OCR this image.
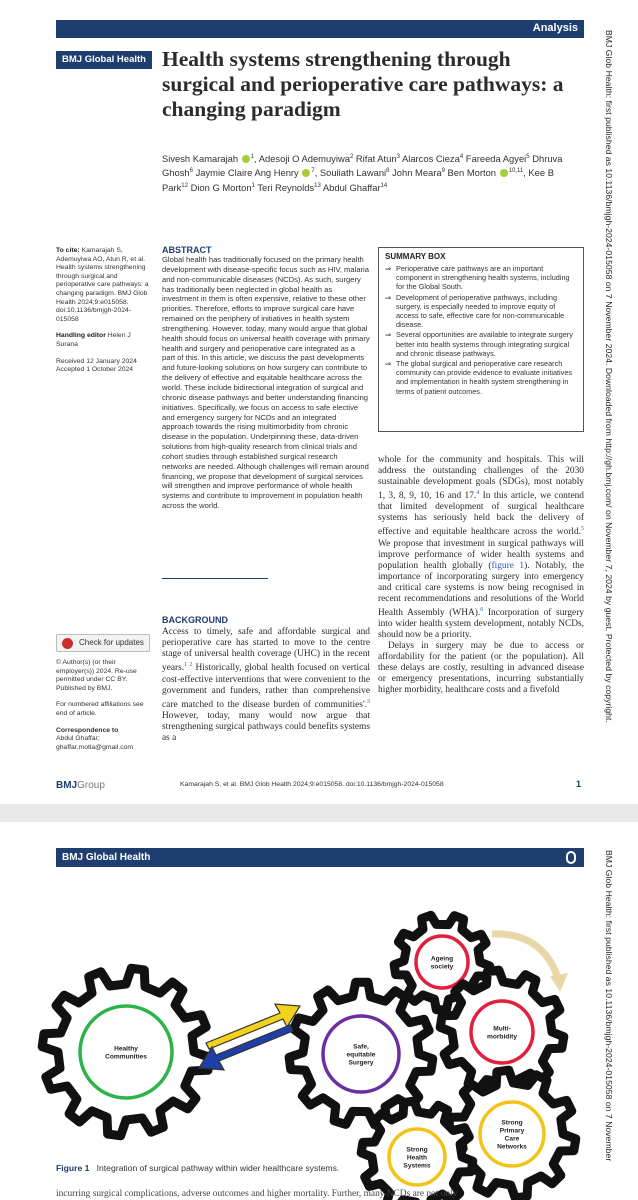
Analysis
BMJ Global Health Health systems strengthening through surgical and perioperative care pathways: a changing paradigm
Sivesh Kamarajah $^1$, Adesoji O Ademuyiwa$^2$ Rifat Atun$^3$ Alarcos Cieza$^4$ Fareeda Agyei$^5$ Dhruva Ghosh$^6$ Jaymie Claire Ang Henry $^7$, Souliath Lawani$^8$ John Meara$^9$ Ben Morton $^{10,11}$, Kee B Park$^{12}$ Dion G Morton$^1$ Teri Reynolds$^{13}$ Abdul Ghaffar$^{14}$
To cite: Kamarajah S, Ademuyiwa AO, Atun R, et al. Health systems strengthening through surgical and perioperative care pathways: a changing paradigm. BMJ Glob Health 2024;9:e015058. doi:10.1136/bmjgh-2024-015058
Handling editor Helen J Surana
Received 12 January 2024
Accepted 1 October 2024
Check for updates
© Author(s) (or their employer(s)) 2024. Re-use permitted under CC BY. Published by BMJ.
For numbered affiliations see end of article.
Correspondence to
Abdul Ghaffar;
ghaffar.motla@gmail.com
ABSTRACT

Global health has traditionally focused on the primary health development with disease-specific focus such as HIV, malaria and non-communicable diseases (NCDs). As such, surgery has traditionally been neglected in global health as investment in them is often expensive, relative to these other priorities. Therefore, efforts to improve surgical care have remained on the periphery of initiatives in health system strengthening. However, today, many would argue that global health should focus on universal health coverage with primary health and surgery and perioperative care integrated as a part of this. In this article, we discuss the past developments and future-looking solutions on how surgery can contribute to the delivery of effective and equitable healthcare across the world. These include bidirectional integration of surgical and chronic disease pathways and better understanding financing initiatives. Specifically, we focus on access to safe elective and emergency surgery for NCDs and an integrated approach towards the rising multimorbidity from chronic disease in the population. Underpinning these, data-driven solutions from high-quality research from clinical trials and cohort studies through established surgical research networks are needed. Although challenges will remain around financing, we propose that development of surgical services will strengthen and improve performance of whole health systems and contribute to improvement in population health across the world.

SUMMARY BOX
⇒ Perioperative care pathways are an important component in strengthening health systems, including for the Global South.
⇒ Development of perioperative pathways, including surgery, is especially needed to improve equity of access to safe, effective care for non-communicable disease.
⇒ Several opportunities are available to integrate surgery better into health systems through integrating surgical and chronic disease pathways.
⇒ The global surgical and perioperative care research community can provide evidence to evaluate initiatives and implementation in health system strengthening in terms of patient outcomes.
BACKGROUND

Access to timely, safe and affordable surgical and perioperative care has started to move to the centre stage of universal health coverage (UHC) in the recent years.$^{1 2}$ Historically, global health focused on vertical cost-effective interventions that were convenient to the government and funders, rather than comprehensive care matched to the disease burden of communities'.$^3$ However, today, many would now argue that strengthening surgical pathways could benefits systems as a

whole for the community and hospitals. This will address the outstanding challenges of the 2030 sustainable development goals (SDGs), most notably 1, 3, 8, 9, 10, 16 and 17.$^4$ In this article, we contend that limited development of surgical healthcare systems has seriously held back the delivery of effective and equitable healthcare across the world.$^5$ We propose that investment in surgical pathways will improve performance of wider health systems and population health globally (figure 1). Notably, the importance of incorporating surgery into emergency and critical care systems is now being recognised in recent recommendations and resolutions of the World Health Assembly (WHA).$^6$ Incorporation of surgery into wider health system development, notably NCDs, should now be a priority.

Delays in surgery may be due to access or affordability for the patient (or the population). All these delays are costly, resulting in advanced disease or emergency presentations, incurring substantially higher morbidity, healthcare costs and a fivefold

BMJGroup	Kamarajah S, et al. BMJ Glob Health 2024;9:e015058. doi:10.1136/bmjgh-2024-015058	1
BMJ Glob Health: first published as 10.1136/bmjgh-2024-015058 on 7 November 2024. Downloaded from http://gh.bmj.com/ on November 7, 2024 by guest. Protected by copyright.
BMJ Global Health
Healthy Communities
Safe, equitable Surgery
Ageing society
Multi-morbidity
Strong Primary Care Networks
Strong Health Systems
Figure 1 Integration of surgical pathway within wider healthcare systems.
incurring surgical complications, adverse outcomes and higher mortality. Further, many NCDs are not only
BMJ Glob Health: first published as 10.1136/bmjgh-2024-015058 on 7 November
